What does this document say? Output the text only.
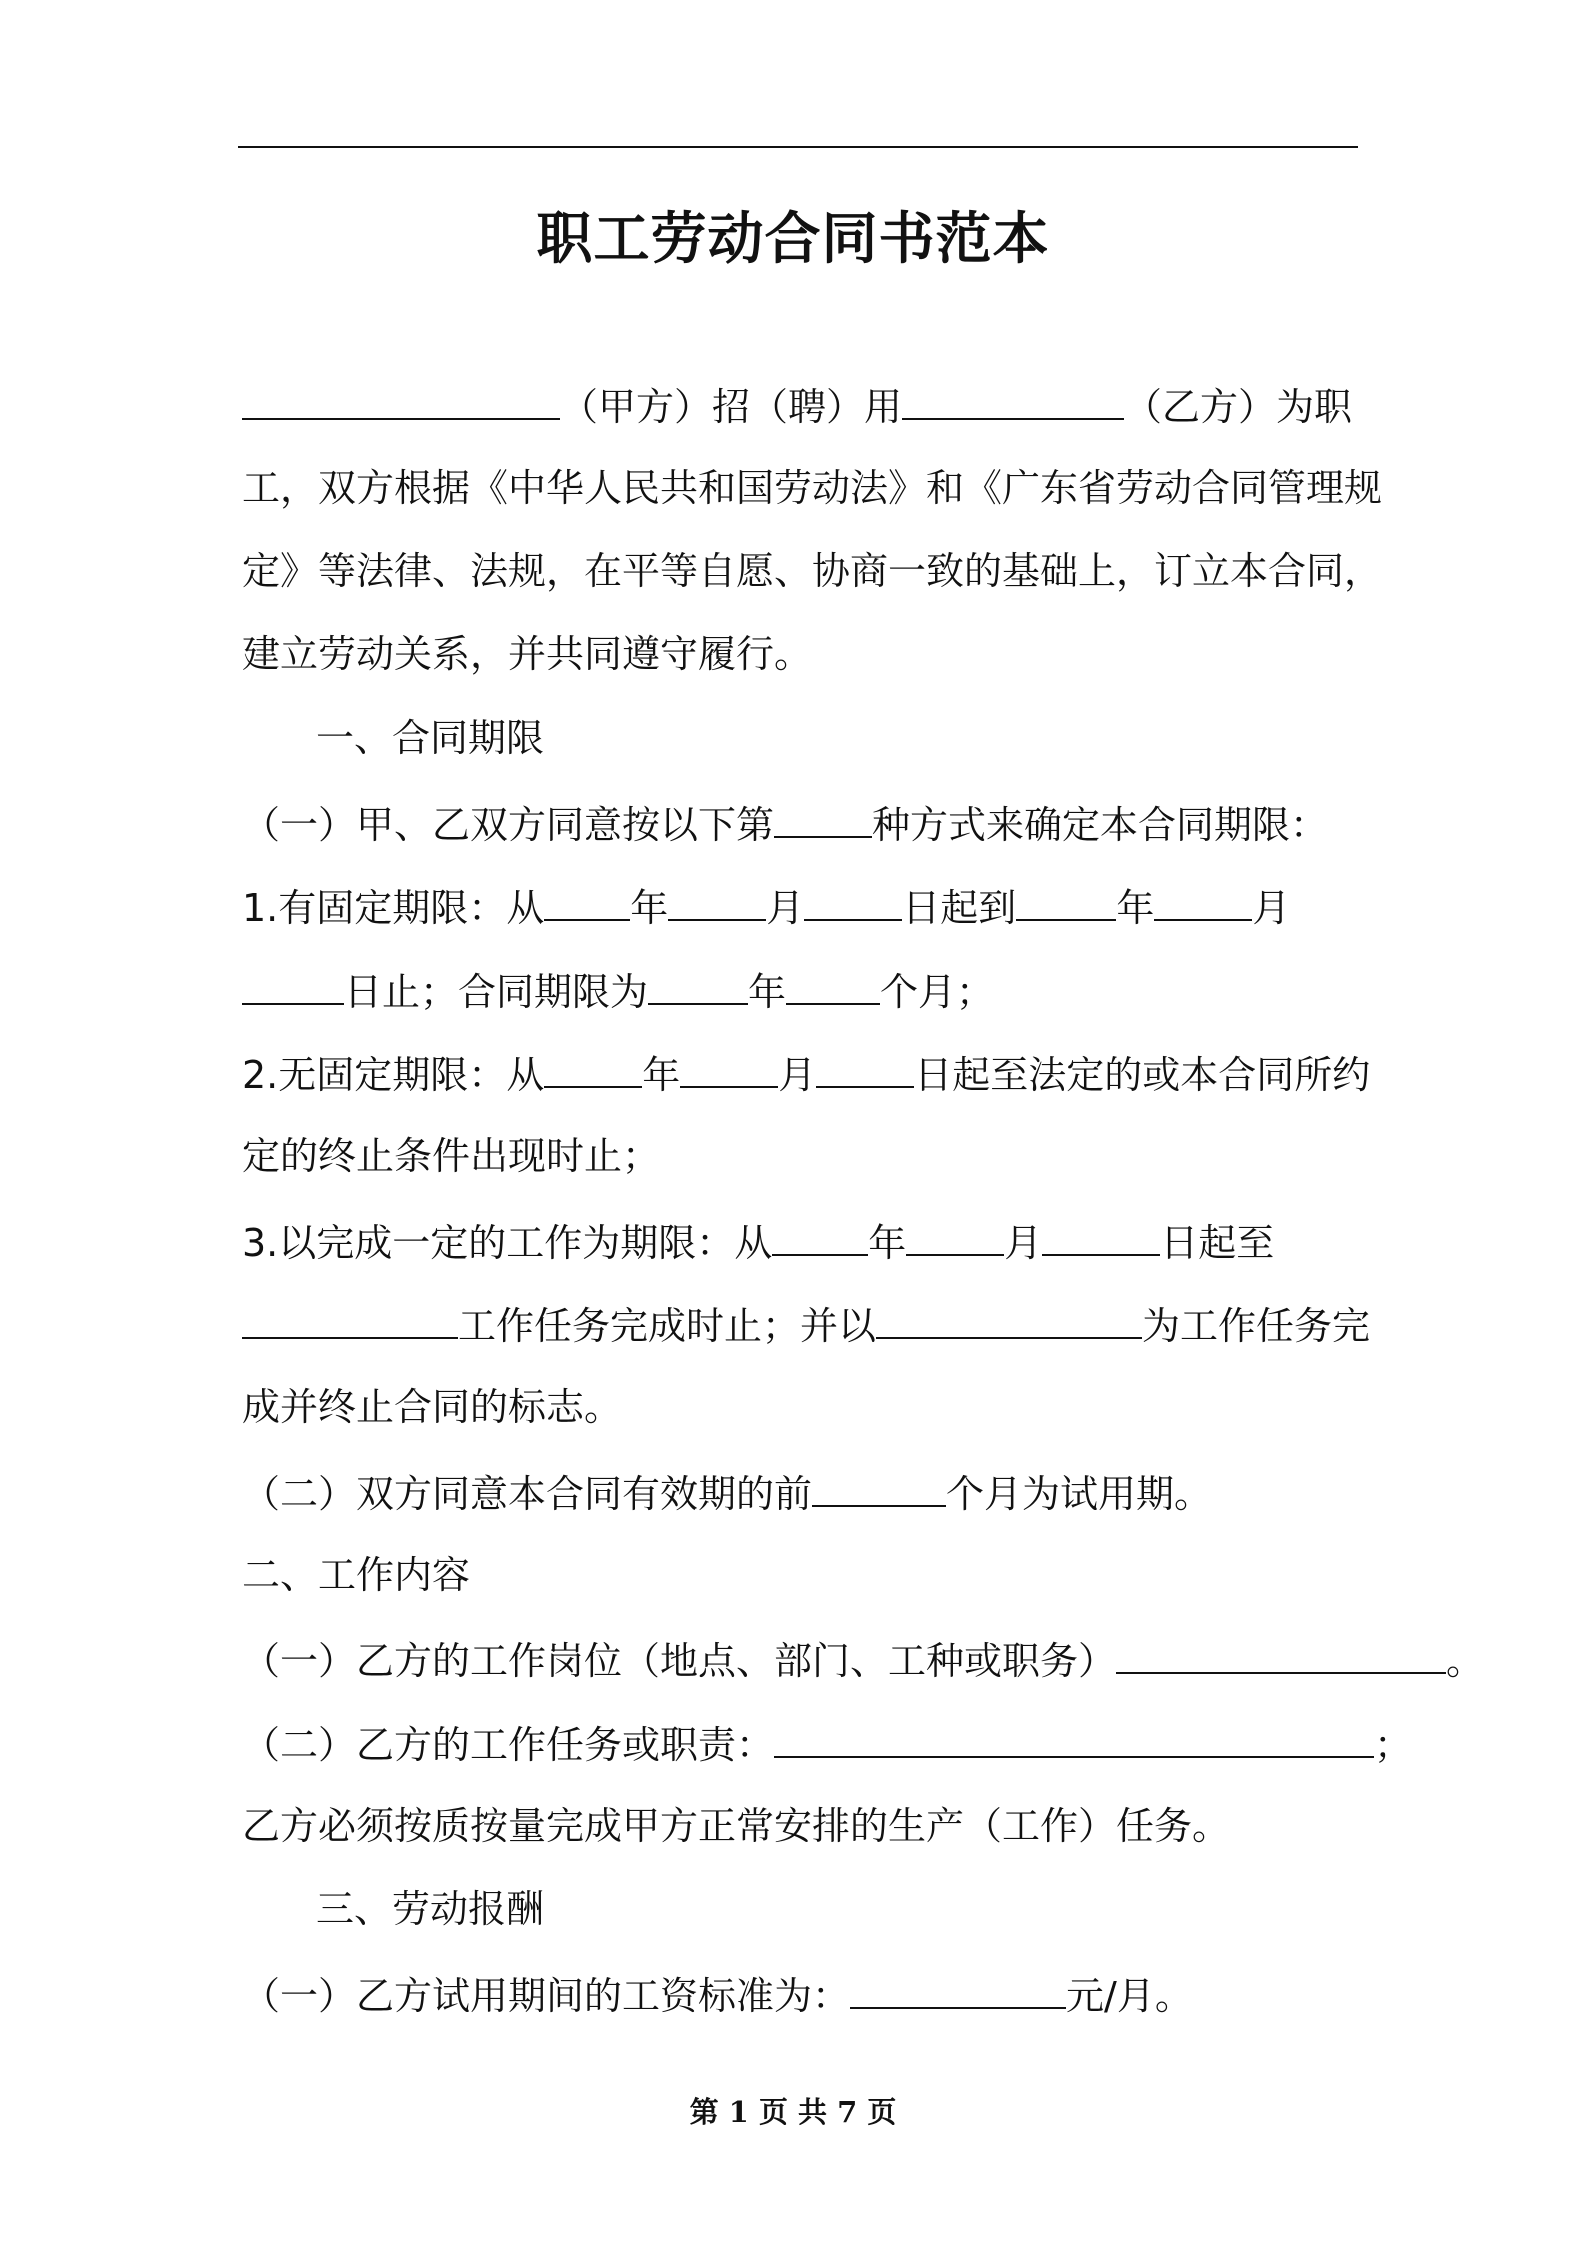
职工劳动合同书范本
（甲方）招（聘）用	（乙方）为职
工，双方根据《中华人民共和国劳动法》和《广东省劳动合同管理规
定》等法律、法规，在平等自愿、协商一致的基础上，订立本合同，
建立劳动关系，并共同遵守履行。
一、合同期限
（一）甲、乙双方同意按以下第	种方式来确定本合同期限：
1.有固定期限：从 年	月	日起到	年	月
日止；合同期限为	年 个月；
2.无固定期限：从	年	月	日起至法定的或本合同所约
定的终止条件出现时止；
3.以完成一定的工作为期限：从	年	月	日起至
工作任务完成时止；并以	为工作任务完
成并终止合同的标志。
（二）双方同意本合同有效期的前	个月为试用期。
二、工作内容
（一）乙方的工作岗位（地点、部门、工种或职务）	。
（二）乙方的工作任务或职责：	；
乙方必须按质按量完成甲方正常安排的生产（工作）任务。
三、劳动报酬
（一）乙方试用期间的工资标准为：	元/月。
第 1 页 共 7 页
